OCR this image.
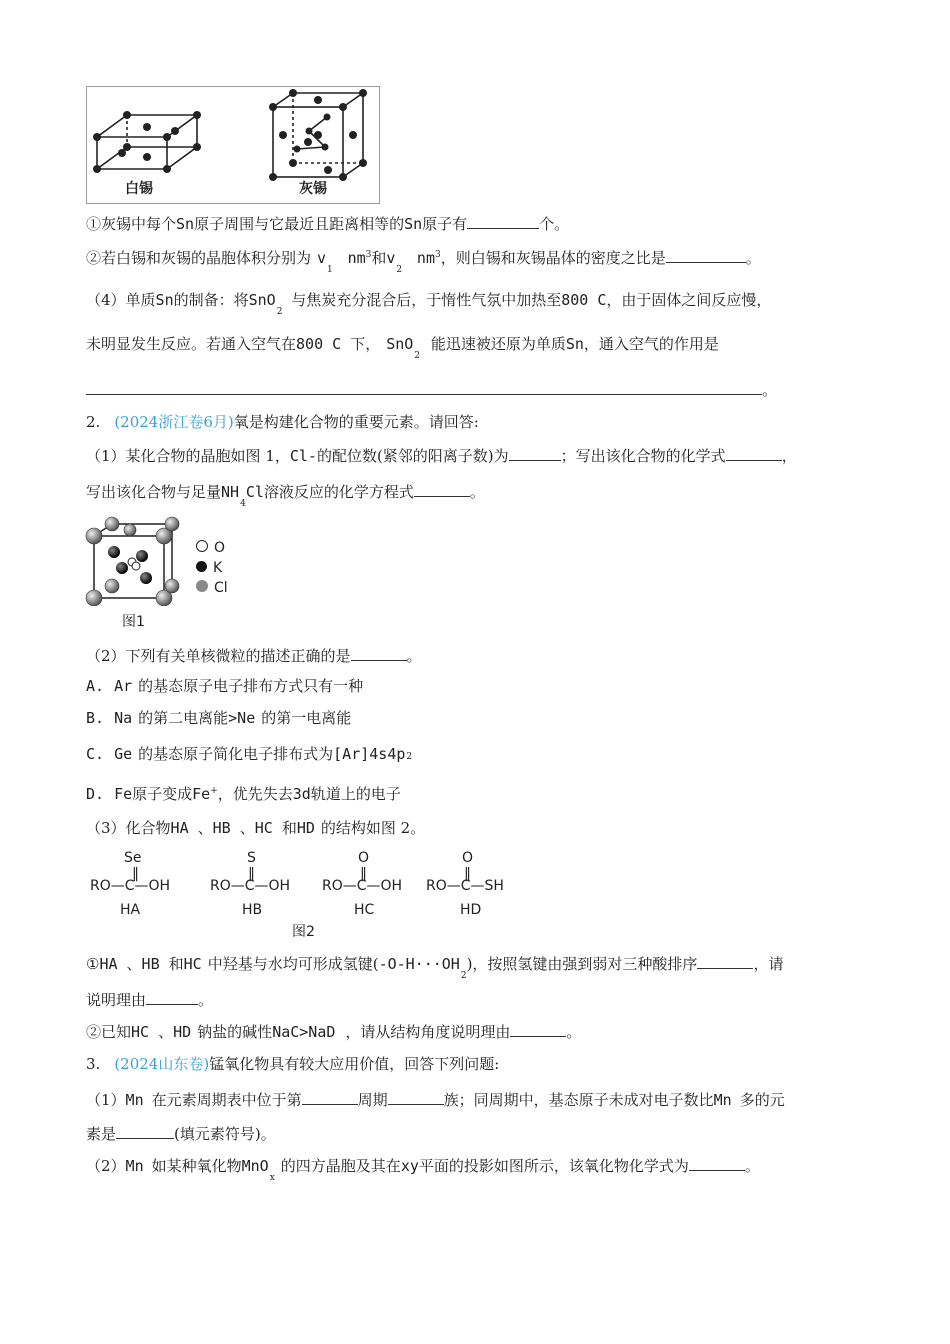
白锡	灰锡
①灰锡中每个Sn原子周围与它最近且距离相等的Sn原子有	个。
②若白锡和灰锡的晶胞体积分别为 $v_1$ $nm^3$和$v_2$ $nm^3$，则白锡和灰锡晶体的密度之比是	。
（4）单质Sn的制备：将SnO$_2$ 与焦炭充分混合后，于惰性气氛中加热至800 C，由于固体之间反应慢，
未明显发生反应。若通入空气在800 C 下， SnO$_2$ 能迅速被还原为单质Sn，通入空气的作用是
。
2. (2024浙江卷6月)氧是构建化合物的重要元素。请回答:
（1）某化合物的晶胞如图 1，Cl-的配位数(紧邻的阳离子数)为	；写出该化合物的化学式	，
写出该化合物与足量$NH_4Cl$溶液反应的化学方程式	。
O
K
Cl
图1
（2）下列有关单核微粒的描述正确的是	。
A. Ar 的基态原子电子排布方式只有一种
B. Na 的第二电离能>Ne 的第一电离能
C. Ge 的基态原子简化电子排布式为[Ar]4s4p2
D. Fe原子变成Fe+，优先失去3d轨道上的电子
（3）化合物HA 、HB 、HC 和HD 的结构如图 2。
Se
‖
RO—C—OH
HA
S
‖
RO—C—OH
HB
O
‖
RO—C—OH
HC
O
‖
RO—C—SH
HD
图2
①HA 、HB 和HC 中羟基与水均可形成氢键$(-O-H\cdot\cdot\cdot OH_2)$，按照氢键由强到弱对三种酸排序	，请
说明理由	。
②已知HC 、HD 钠盐的碱性NaC>NaD ，请从结构角度说明理由	。
3. (2024山东卷)锰氧化物具有较大应用价值，回答下列问题:
（1）Mn 在元素周期表中位于第	周期	族；同周期中，基态原子未成对电子数比Mn 多的元
素是	(填元素符号)。
（2）Mn 如某种氧化物MnO$_x$的四方晶胞及其在xy平面的投影如图所示，该氧化物化学式为	。
